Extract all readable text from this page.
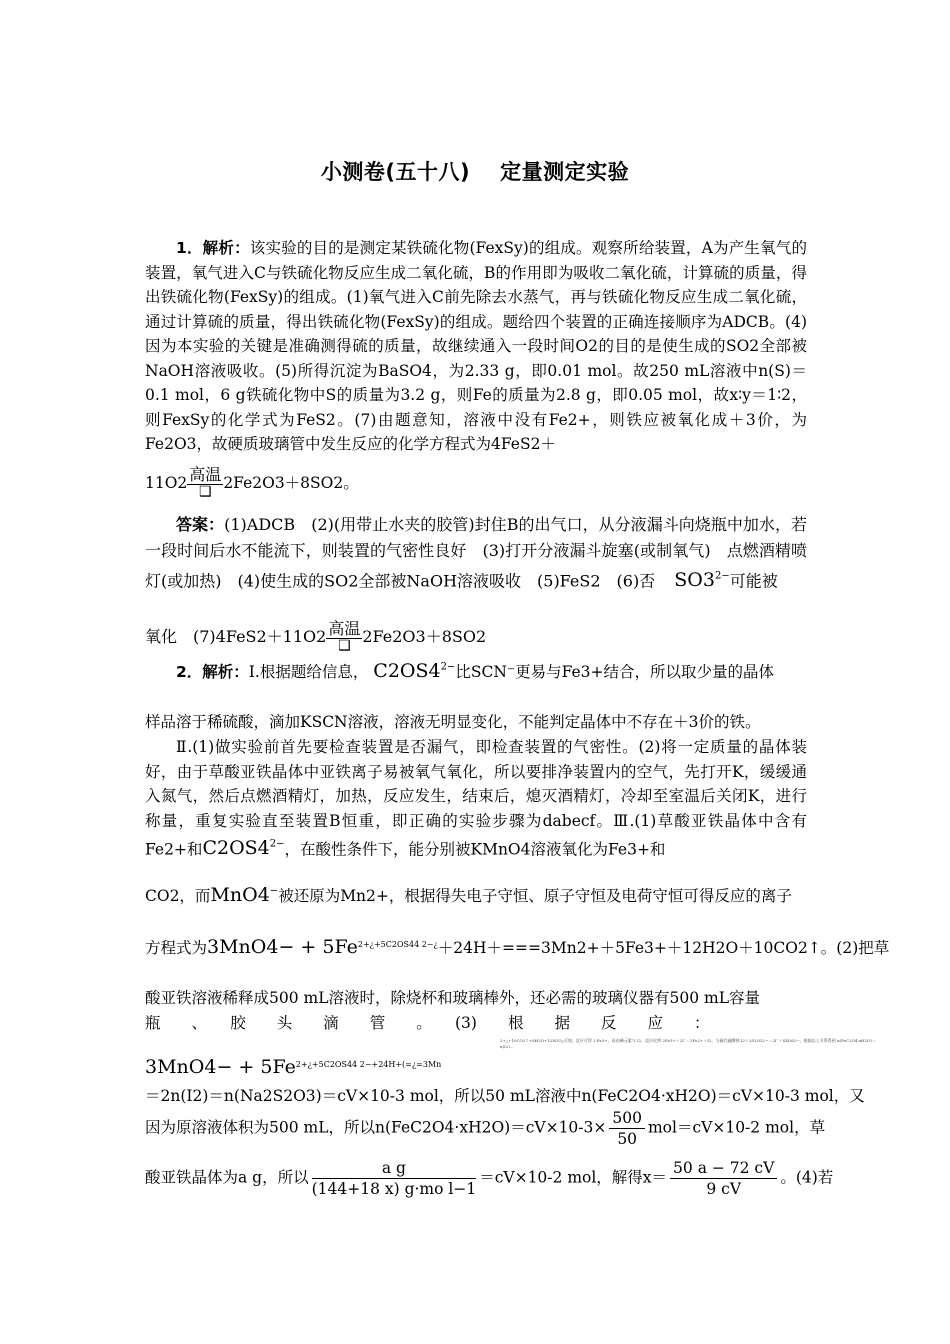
小测卷(五十八) 定量测定实验
1．解析：该实验的目的是测定某铁硫化物(FexSy)的组成。观察所给装置，A为产生氧气的装置，氧气进入C与铁硫化物反应生成二氧化硫，B的作用即为吸收二氧化硫，计算硫的质量，得出铁硫化物(FexSy)的组成。(1)氧气进入C前先除去水蒸气，再与铁硫化物反应生成二氧化硫，通过计算硫的质量，得出铁硫化物(FexSy)的组成。题给四个装置的正确连接顺序为ADCB。(4)因为本实验的关键是准确测得硫的质量，故继续通入一段时间O2的目的是使生成的SO2全部被NaOH溶液吸收。(5)所得沉淀为BaSO4，为2.33 g，即0.01 mol。故250 mL溶液中n(S)＝0.1 mol，6 g铁硫化物中S的质量为3.2 g，则Fe的质量为2.8 g，即0.05 mol，故x∶y＝1∶2，则FexSy的化学式为FeS2。(7)由题意知，溶液中没有Fe2+，则铁应被氧化成＋3价，为Fe2O3，故硬质玻璃管中发生反应的化学方程式为4FeS2＋
11O2 高温
❑ 2Fe2O3＋8SO2。
答案：(1)ADCB　(2)(用带止水夹的胶管)封住B的出气口，从分液漏斗向烧瓶中加水，若一段时间后水不能流下，则装置的气密性良好　(3)打开分液漏斗旋塞(或制氧气)　点燃酒精喷灯(或加热)　(4)使生成的SO2全部被NaOH溶液吸收　(5)FeS2　(6)否 $SO3^{2-}$可能被
氧化　(7)4FeS2＋11O2 高温
❑ 2Fe2O3＋8SO2
2．解析：Ⅰ.根据题给信息， $C2OS4^{2-}$比SCN⁻更易与Fe3+结合，所以取少量的晶体
样品溶于稀硫酸，滴加KSCN溶液，溶液无明显变化，不能判定晶体中不存在＋3价的铁。
Ⅱ.(1)做实验前首先要检查装置是否漏气，即检查装置的气密性。(2)将一定质量的晶体装好，由于草酸亚铁晶体中亚铁离子易被氧气氧化，所以要排净装置内的空气，先打开K，缓缓通入氮气，然后点燃酒精灯，加热，反应发生，结束后，熄灭酒精灯，冷却至室温后关闭K，进行称量，重复实验直至装置B恒重，即正确的实验步骤为dabecf。Ⅲ.(1)草酸亚铁晶体中含有Fe2+和$C2OS4^{2-}$，在酸性条件下，能分别被KMnO4溶液氧化为Fe3+和
CO2，而MnO4−被还原为Mn2+，根据得失电子守恒、原子守恒及电荷守恒可得反应的离子
方程式为$3MnO4- + 5Fe^{2+¿+5C2OS44 2-¿}+24H+===3Mn2++5Fe3++12H2O+10CO2↑$。(2)把草
酸亚铁溶液稀释成500 mL溶液时，除烧杯和玻璃棒外，还必需的玻璃仪器有500 mL容量
瓶　　、　　胶　　头　　滴　　管　　。　　(3)　　根　　据　　反　　应　　：
$3MnO4- + 5Fe^{2+¿+5C2OS44 2-+24H+(=¿=3Mn}$
2+¿+10CO2↑+8H2O+12H2O¿可知，反应可得 2 Fe3+，再由碘元素与 I2，反应比例 2Fe3+＋2I⁻＝2Fe2+＋I2，与硫代硫酸钠 I2＋2S2O32−＝2I⁻＋S4O62−，根据以上关系得到 n(FeC2O4·xH2O)＝n(I2)…
＝2n(I2)＝n(Na2S2O3)＝cV×10-3 mol，所以50 mL溶液中n(FeC2O4·xH2O)＝cV×10-3 mol，又
因为原溶液体积为500 mL，所以$n(FeC2O4\cdot xH2O)=cV\times 10-3\times \frac{500}{50} mol=cV\times 10-2$ mol，草
酸亚铁晶体为a g，所以 $\frac{\text{a g}}{\text{(144+18 x) g·mo l−1}} =cV\times 10-2$ mol，解得$x= \frac{50 a - 72 cV}{9 cV}$ 。(4)若
